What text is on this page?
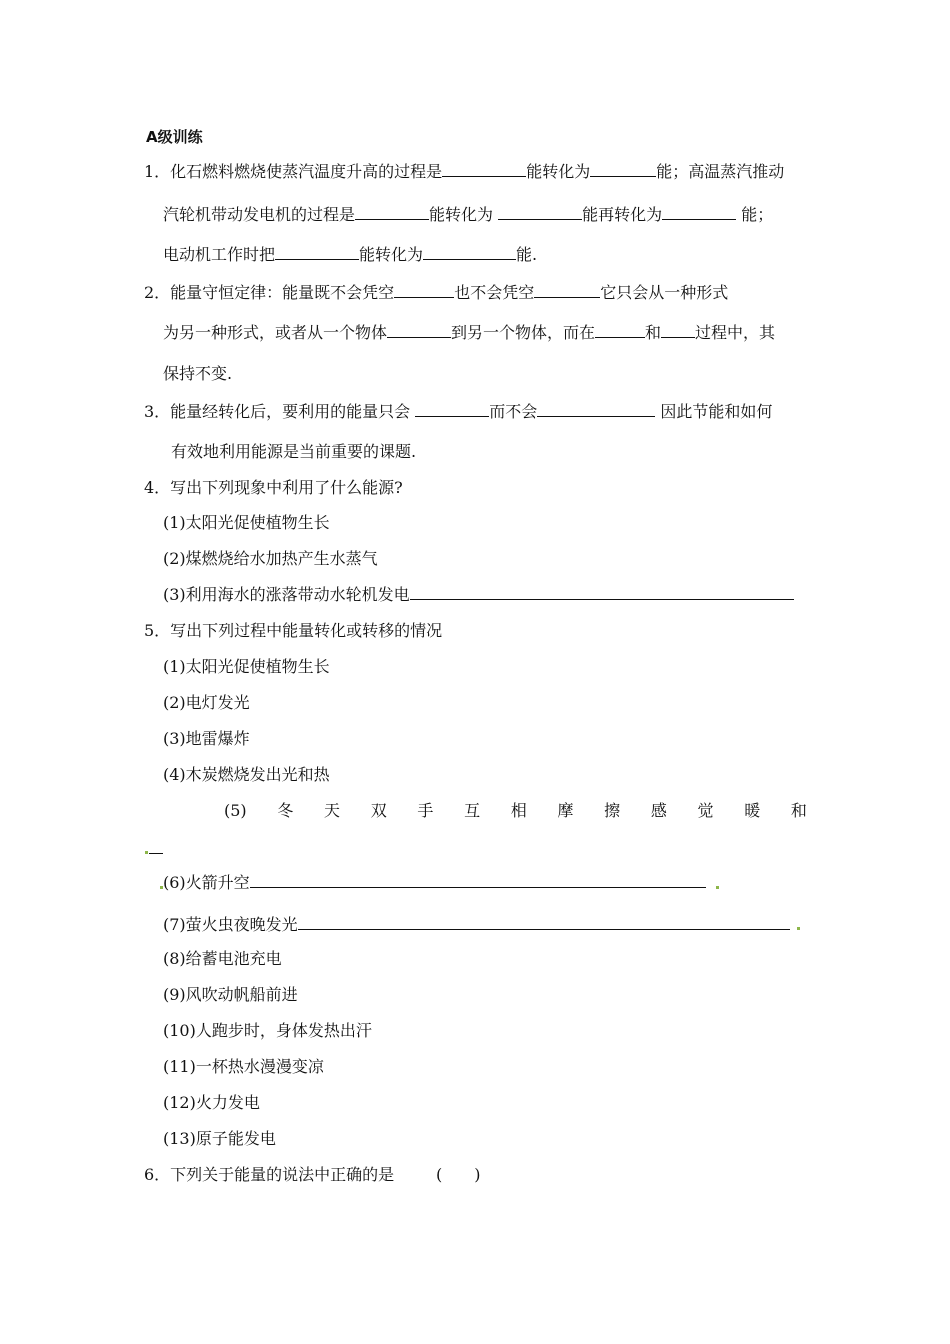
A级训练
1．化石燃料燃烧使蒸汽温度升高的过程是	能转化为	能；高温蒸汽推动
汽轮机带动发电机的过程是	能转化为	能再转化为	能；
电动机工作时把	能转化为	能.
2．能量守恒定律：能量既不会凭空	也不会凭空	它只会从一种形式
为另一种形式，或者从一个物体	到另一个物体，而在	和 过程中，其
保持不变.
3．能量经转化后，要利用的能量只会	而不会	因此节能和如何
有效地利用能源是当前重要的课题.
4．写出下列现象中利用了什么能源?
(1)太阳光促使植物生长
(2)煤燃烧给水加热产生水蒸气
(3)利用海水的涨落带动水轮机发电
5．写出下列过程中能量转化或转移的情况
(1)太阳光促使植物生长
(2)电灯发光
(3)地雷爆炸
(4)木炭燃烧发出光和热
(5) 冬 天 双 手 互 相 摩 擦 感 觉 暖 和
(6)火箭升空
(7)萤火虫夜晚发光
(8)给蓄电池充电
(9)风吹动帆船前进
(10)人跑步时，身体发热出汗
(11)一杯热水漫漫变凉
(12)火力发电
(13)原子能发电
6．下列关于能量的说法中正确的是	(　　)
